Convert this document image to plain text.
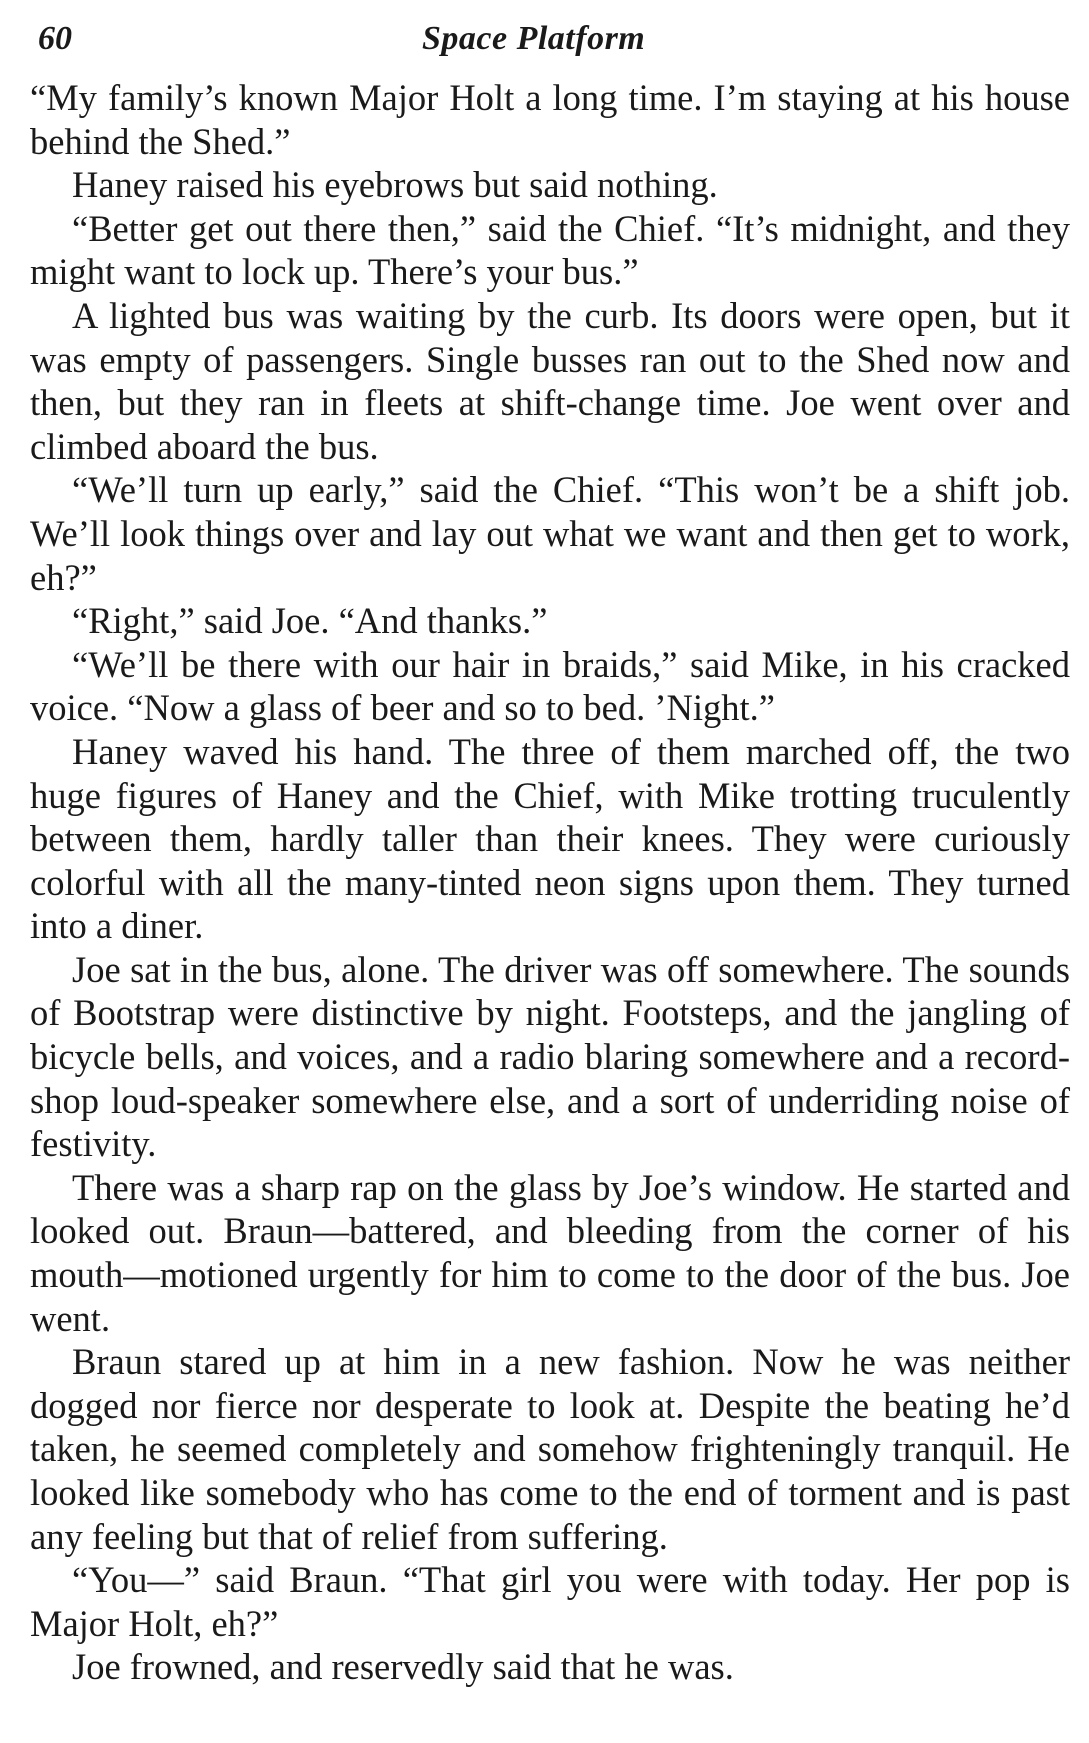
60	Space Platform

“My family’s known Major Holt a long time. I’m staying at his house behind the Shed.”

Haney raised his eyebrows but said nothing.

“Better get out there then,” said the Chief. “It’s midnight, and they might want to lock up. There’s your bus.”

A lighted bus was waiting by the curb. Its doors were open, but it was empty of passengers. Single busses ran out to the Shed now and then, but they ran in fleets at shift-change time. Joe went over and climbed aboard the bus.

“We’ll turn up early,” said the Chief. “This won’t be a shift job. We’ll look things over and lay out what we want and then get to work, eh?”

“Right,” said Joe. “And thanks.”

“We’ll be there with our hair in braids,” said Mike, in his cracked voice. “Now a glass of beer and so to bed. ’Night.”

Haney waved his hand. The three of them marched off, the two huge figures of Haney and the Chief, with Mike trotting truculently between them, hardly taller than their knees. They were curiously colorful with all the many-tinted neon signs upon them. They turned into a diner.

Joe sat in the bus, alone. The driver was off somewhere. The sounds of Bootstrap were distinctive by night. Footsteps, and the jangling of bicycle bells, and voices, and a radio blaring somewhere and a record-shop loud-speaker somewhere else, and a sort of underriding noise of festivity.

There was a sharp rap on the glass by Joe’s window. He started and looked out. Braun—battered, and bleeding from the corner of his mouth—motioned urgently for him to come to the door of the bus. Joe went.

Braun stared up at him in a new fashion. Now he was neither dogged nor fierce nor desperate to look at. Despite the beating he’d taken, he seemed completely and somehow frighteningly tranquil. He looked like somebody who has come to the end of torment and is past any feeling but that of relief from suffering.

“You—” said Braun. “That girl you were with today. Her pop is Major Holt, eh?”

Joe frowned, and reservedly said that he was.
